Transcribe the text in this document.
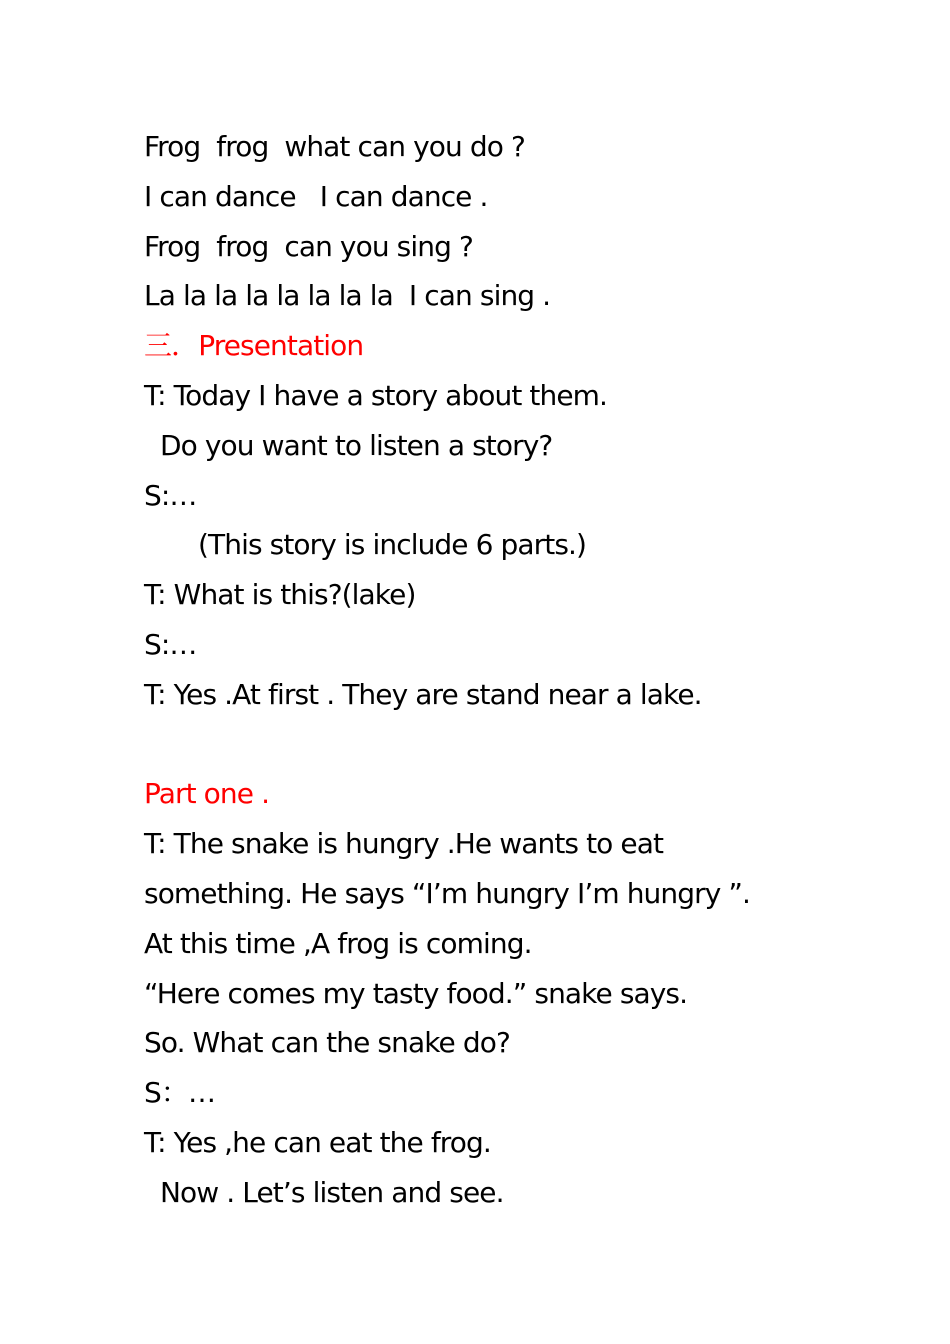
Frog  frog  what can you do ?
I can dance   I can dance .
Frog  frog  can you sing ?
La la la la la la la la  I can sing .
三．Presentation
T: Today I have a story about them.
Do you want to listen a story?
S:…
(This story is include 6 parts.)
T: What is this?(lake)
S:…
T: Yes .At first . They are stand near a lake.
Part one .
T: The snake is hungry .He wants to eat
something. He says “I’m hungry I’m hungry ”.
At this time ,A frog is coming.
“Here comes my tasty food.” snake says.
So. What can the snake do?
S：…
T: Yes ,he can eat the frog.
Now . Let’s listen and see.
